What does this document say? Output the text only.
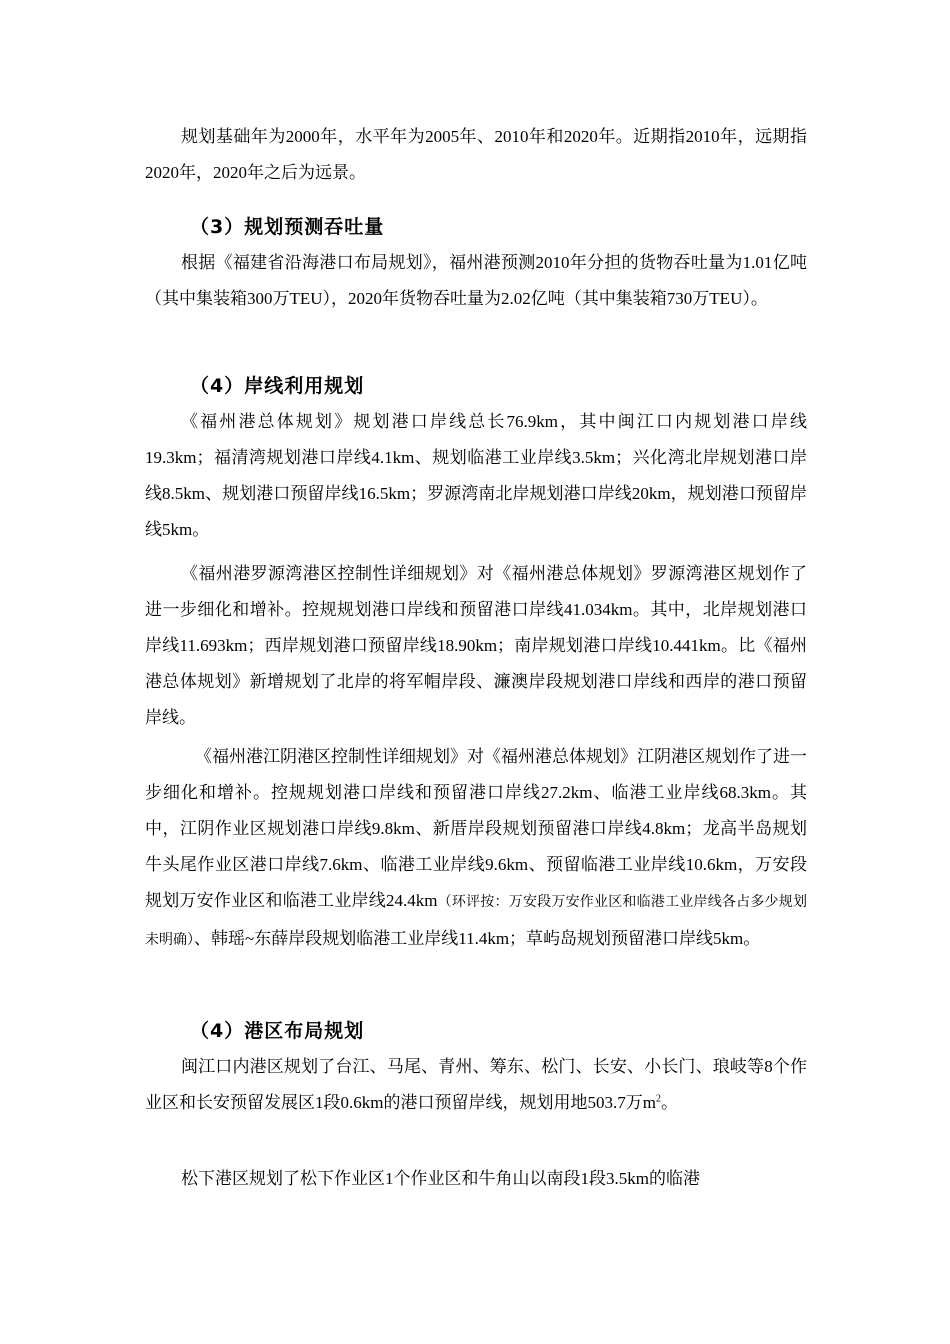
规划基础年为2000年，水平年为2005年、2010年和2020年。近期指2010年，远期指2020年，2020年之后为远景。

（3）规划预测吞吐量

根据《福建省沿海港口布局规划》，福州港预测2010年分担的货物吞吐量为1.01亿吨（其中集装箱300万TEU），2020年货物吞吐量为2.02亿吨（其中集装箱730万TEU）。

（4）岸线利用规划

《福州港总体规划》规划港口岸线总长76.9km，其中闽江口内规划港口岸线19.3km；福清湾规划港口岸线4.1km、规划临港工业岸线3.5km；兴化湾北岸规划港口岸线8.5km、规划港口预留岸线16.5km；罗源湾南北岸规划港口岸线20km，规划港口预留岸线5km。

《福州港罗源湾港区控制性详细规划》对《福州港总体规划》罗源湾港区规划作了进一步细化和增补。控规规划港口岸线和预留港口岸线41.034km。其中，北岸规划港口岸线11.693km；西岸规划港口预留岸线18.90km；南岸规划港口岸线10.441km。比《福州港总体规划》新增规划了北岸的将军帽岸段、濂澳岸段规划港口岸线和西岸的港口预留岸线。

《福州港江阴港区控制性详细规划》对《福州港总体规划》江阴港区规划作了进一步细化和增补。控规规划港口岸线和预留港口岸线27.2km、临港工业岸线68.3km。其中，江阴作业区规划港口岸线9.8km、新厝岸段规划预留港口岸线4.8km；龙高半岛规划牛头尾作业区港口岸线7.6km、临港工业岸线9.6km、预留临港工业岸线10.6km，万安段规划万安作业区和临港工业岸线24.4km（环评按：万安段万安作业区和临港工业岸线各占多少规划未明确）、韩瑶~东薛岸段规划临港工业岸线11.4km；草屿岛规划预留港口岸线5km。

（4）港区布局规划

闽江口内港区规划了台江、马尾、青州、筹东、松门、长安、小长门、琅岐等8个作业区和长安预留发展区1段0.6km的港口预留岸线，规划用地503.7万$m^2$。

松下港区规划了松下作业区1个作业区和牛角山以南段1段3.5km的临港
